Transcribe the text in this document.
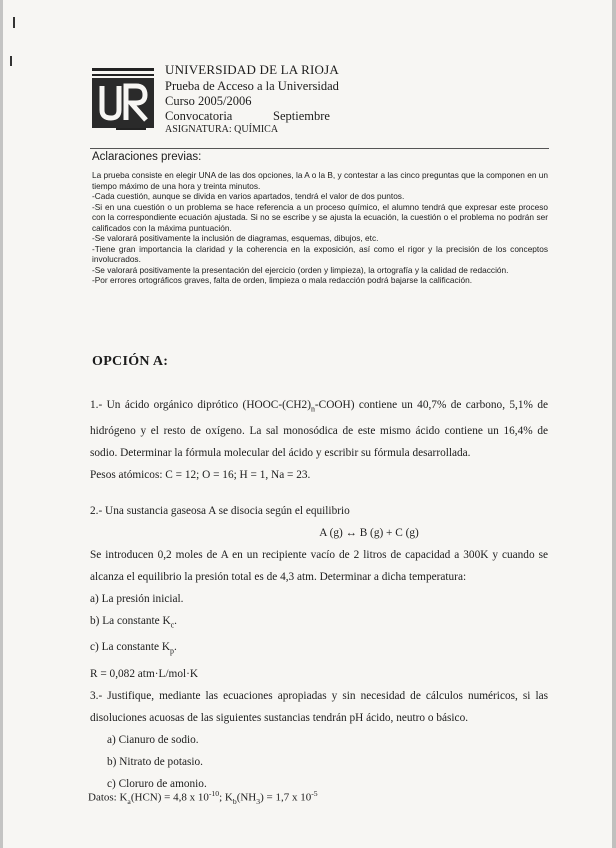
UNIVERSIDAD DE LA RIOJA
Prueba de Acceso a la Universidad
Curso 2005/2006
Convocatoria	Septiembre
ASIGNATURA: QUÍMICA
Aclaraciones previas:

La prueba consiste en elegir UNA de las dos opciones, la A o la B, y contestar a las cinco preguntas que la componen en un tiempo máximo de una hora y treinta minutos.

-Cada cuestión, aunque se divida en varios apartados, tendrá el valor de dos puntos.

-Si en una cuestión o un problema se hace referencia a un proceso químico, el alumno tendrá que expresar este proceso con la correspondiente ecuación ajustada. Si no se escribe y se ajusta la ecuación, la cuestión o el problema no podrán ser calificados con la máxima puntuación.

-Se valorará positivamente la inclusión de diagramas, esquemas, dibujos, etc.

-Tiene gran importancia la claridad y la coherencia en la exposición, así como el rigor y la precisión de los conceptos involucrados.

-Se valorará positivamente la presentación del ejercicio (orden y limpieza), la ortografía y la calidad de redacción.

-Por errores ortográficos graves, falta de orden, limpieza o mala redacción podrá bajarse la calificación.

OPCIÓN A:

1.- Un ácido orgánico diprótico $(HOOC-(CH2)_n-COOH)$ contiene un 40,7% de carbono, 5,1% de hidrógeno y el resto de oxígeno. La sal monosódica de este mismo ácido contiene un 16,4% de sodio. Determinar la fórmula molecular del ácido y escribir su fórmula desarrollada.

Pesos atómicos: C = 12; O = 16; H = 1, Na = 23.

2.- Una sustancia gaseosa A se disocia según el equilibrio

A (g) ↔ B (g) + C (g)

Se introducen 0,2 moles de A en un recipiente vacío de 2 litros de capacidad a 300K y cuando se alcanza el equilibrio la presión total es de 4,3 atm. Determinar a dicha temperatura:

a) La presión inicial.

b) La constante $K_c$.

c) La constante $K_p$.

R = 0,082 atm·L/mol·K

3.- Justifique, mediante las ecuaciones apropiadas y sin necesidad de cálculos numéricos, si las disoluciones acuosas de las siguientes sustancias tendrán pH ácido, neutro o básico.

a) Cianuro de sodio.

b) Nitrato de potasio.

c) Cloruro de amonio.

Datos: $K_a(HCN) = 4,8$ x $10^{-10}$; $K_b(NH_3) = 1,7$ x $10^{-5}$
